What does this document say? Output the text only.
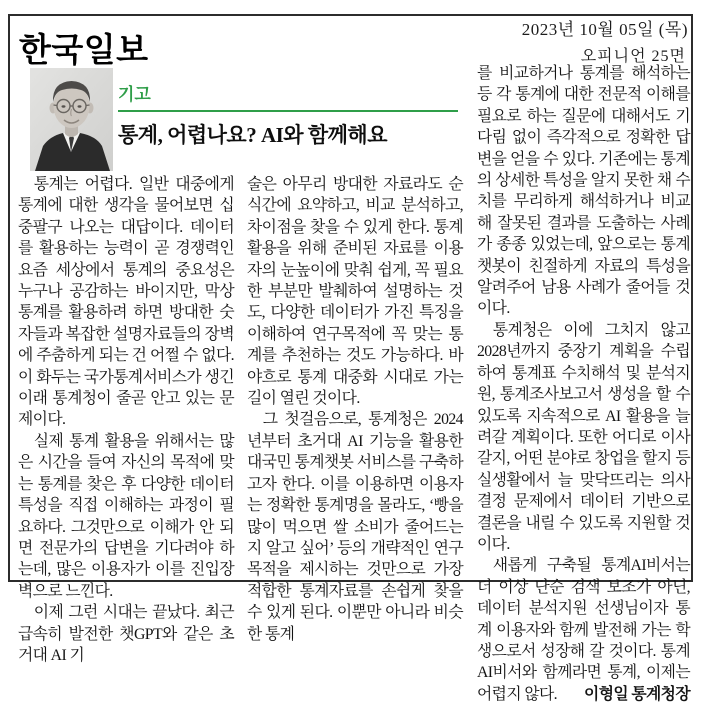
2023년 10월 05일 (목)
한국일보	오피니언 25면
기고
통계, 어렵나요? AI와 함께해요

통계는 어렵다. 일반 대중에게 통계에 대한 생각을 물어보면 십중팔구 나오는 대답이다. 데이터를 활용하는 능력이 곧 경쟁력인 요즘 세상에서 통계의 중요성은 누구나 공감하는 바이지만, 막상 통계를 활용하려 하면 방대한 숫자들과 복잡한 설명자료들의 장벽에 주춤하게 되는 건 어쩔 수 없다. 이 화두는 국가통계서비스가 생긴 이래 통계청이 줄곧 안고 있는 문제이다.

실제 통계 활용을 위해서는 많은 시간을 들여 자신의 목적에 맞는 통계를 찾은 후 다양한 데이터 특성을 직접 이해하는 과정이 필요하다. 그것만으로 이해가 안 되면 전문가의 답변을 기다려야 하는데, 많은 이용자가 이를 진입장벽으로 느낀다.

이제 그런 시대는 끝났다. 최근 급속히 발전한 챗GPT와 같은 초거대 AI 기

술은 아무리 방대한 자료라도 순식간에 요약하고, 비교 분석하고, 차이점을 찾을 수 있게 한다. 통계 활용을 위해 준비된 자료를 이용자의 눈높이에 맞춰 쉽게, 꼭 필요한 부분만 발췌하여 설명하는 것도, 다양한 데이터가 가진 특징을 이해하여 연구목적에 꼭 맞는 통계를 추천하는 것도 가능하다. 바야흐로 통계 대중화 시대로 가는 길이 열린 것이다.

그 첫걸음으로, 통계청은 2024년부터 초거대 AI 기능을 활용한 대국민 통계챗봇 서비스를 구축하고자 한다. 이를 이용하면 이용자는 정확한 통계명을 몰라도, ‘빵을 많이 먹으면 쌀 소비가 줄어드는지 알고 싶어’ 등의 개략적인 연구목적을 제시하는 것만으로 가장 적합한 통계자료를 손쉽게 찾을 수 있게 된다. 이뿐만 아니라 비슷한 통계

를 비교하거나 통계를 해석하는 등 각 통계에 대한 전문적 이해를 필요로 하는 질문에 대해서도 기다림 없이 즉각적으로 정확한 답변을 얻을 수 있다. 기존에는 통계의 상세한 특성을 알지 못한 채 수치를 무리하게 해석하거나 비교해 잘못된 결과를 도출하는 사례가 종종 있었는데, 앞으로는 통계챗봇이 친절하게 자료의 특성을 알려주어 남용 사례가 줄어들 것이다.

통계청은 이에 그치지 않고 2028년까지 중장기 계획을 수립하여 통계표 수치해석 및 분석지원, 통계조사보고서 생성을 할 수 있도록 지속적으로 AI 활용을 늘려갈 계획이다. 또한 어디로 이사 갈지, 어떤 분야로 창업을 할지 등 실생활에서 늘 맞닥뜨리는 의사결정 문제에서 데이터 기반으로 결론을 내릴 수 있도록 지원할 것이다.

새롭게 구축될 통계AI비서는 더 이상 단순 검색 보조가 아닌, 데이터 분석지원 선생님이자 통계 이용자와 함께 발전해 가는 학생으로서 성장해 갈 것이다. 통계AI비서와 함께라면 통계, 이제는 어렵지 않다.	이형일 통계청장
